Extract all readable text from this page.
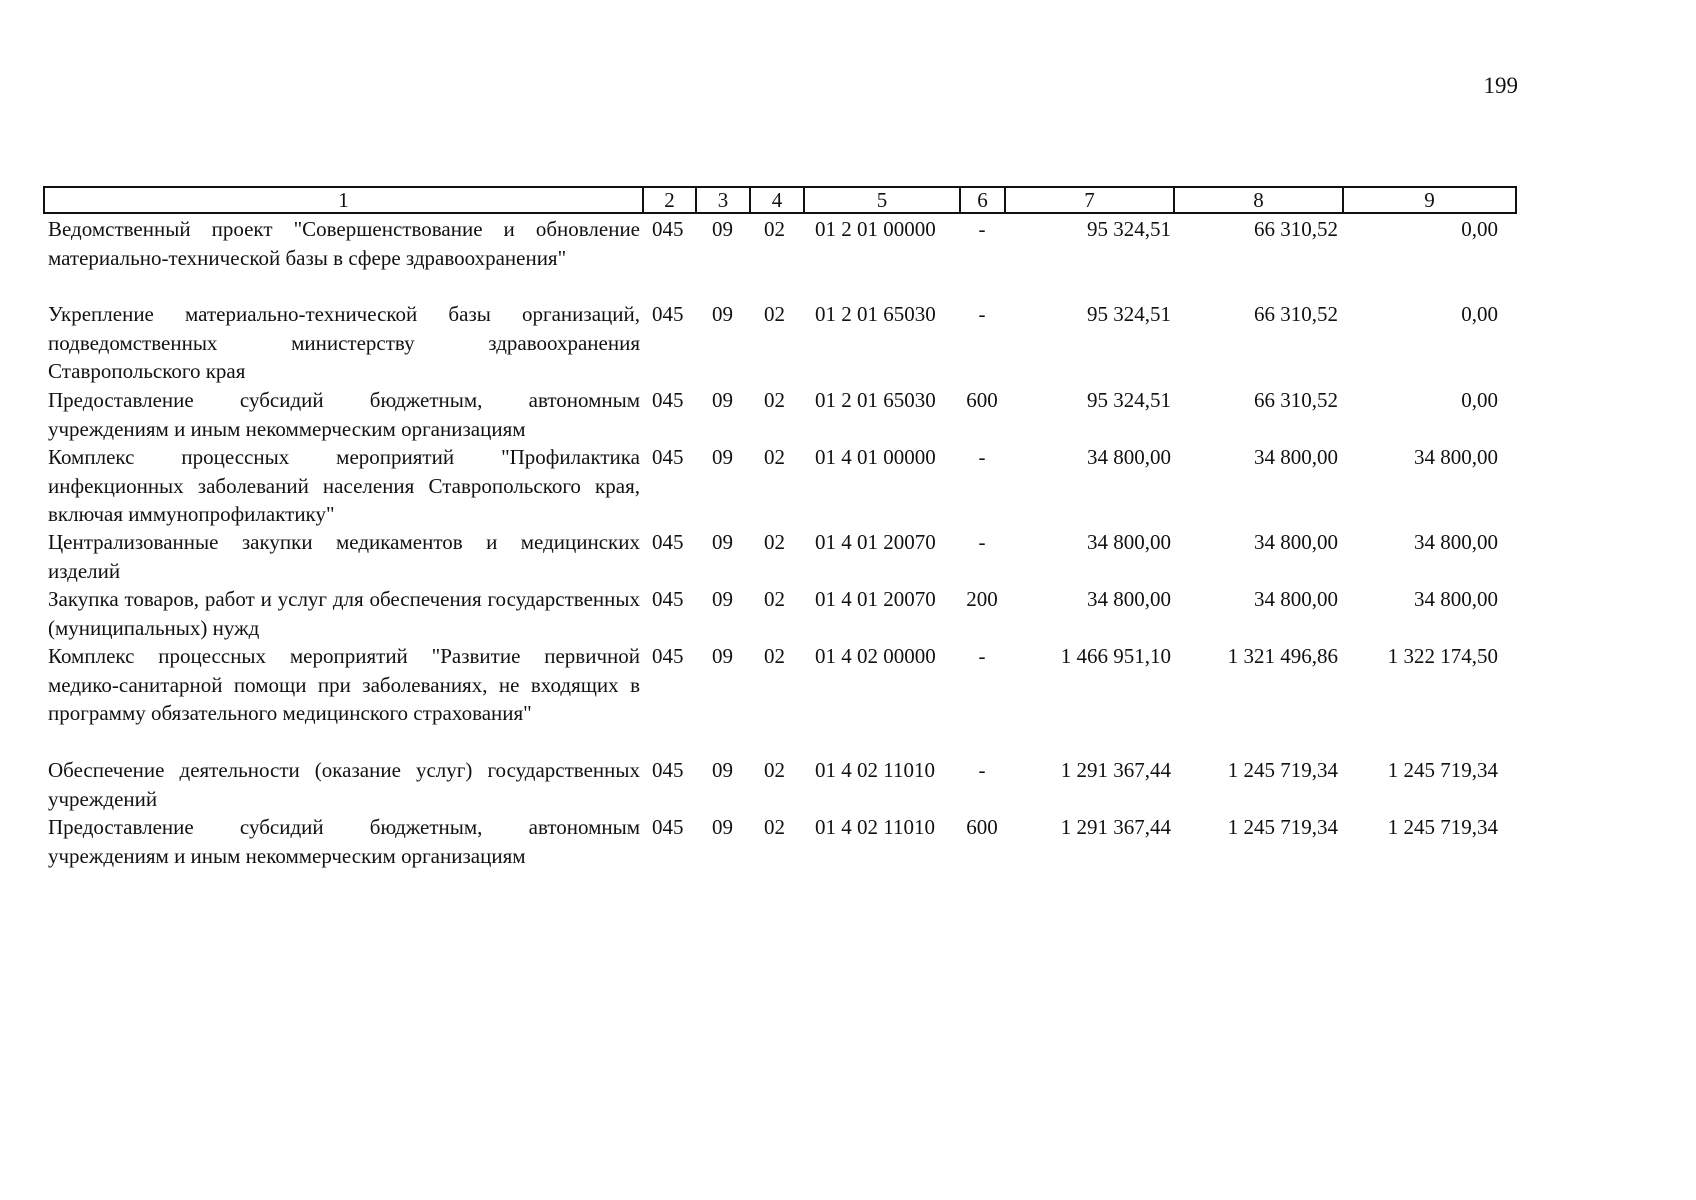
199
1	2	3	4	5	6	7	8	9
Ведомственный проект "Совершенствование и обновление материально-технической базы в сфере здравоохранения"
045	09	02	01 2 01 00000	-	95 324,51	66 310,52	0,00
Укрепление материально-технической базы организаций, подведомственных министерству здравоохранения Ставропольского края
045	09	02	01 2 01 65030	-	95 324,51	66 310,52	0,00
Предоставление субсидий бюджетным, автономным учреждениям и иным некоммерческим организациям
045	09	02	01 2 01 65030	600	95 324,51	66 310,52	0,00
Комплекс процессных мероприятий "Профилактика инфекционных заболеваний населения Ставропольского края, включая иммунопрофилактику"
045	09	02	01 4 01 00000	-	34 800,00	34 800,00	34 800,00
Централизованные закупки медикаментов и медицинских изделий
045	09	02	01 4 01 20070	-	34 800,00	34 800,00	34 800,00
Закупка товаров, работ и услуг для обеспечения государственных (муниципальных) нужд
045	09	02	01 4 01 20070	200	34 800,00	34 800,00	34 800,00
Комплекс процессных мероприятий "Развитие первичной медико-санитарной помощи при заболеваниях, не входящих в программу обязательного медицинского страхования"
045	09	02	01 4 02 00000	-	1 466 951,10	1 321 496,86	1 322 174,50
Обеспечение деятельности (оказание услуг) государственных учреждений
045	09	02	01 4 02 11010	-	1 291 367,44	1 245 719,34	1 245 719,34
Предоставление субсидий бюджетным, автономным учреждениям и иным некоммерческим организациям
045	09	02	01 4 02 11010	600	1 291 367,44	1 245 719,34	1 245 719,34
